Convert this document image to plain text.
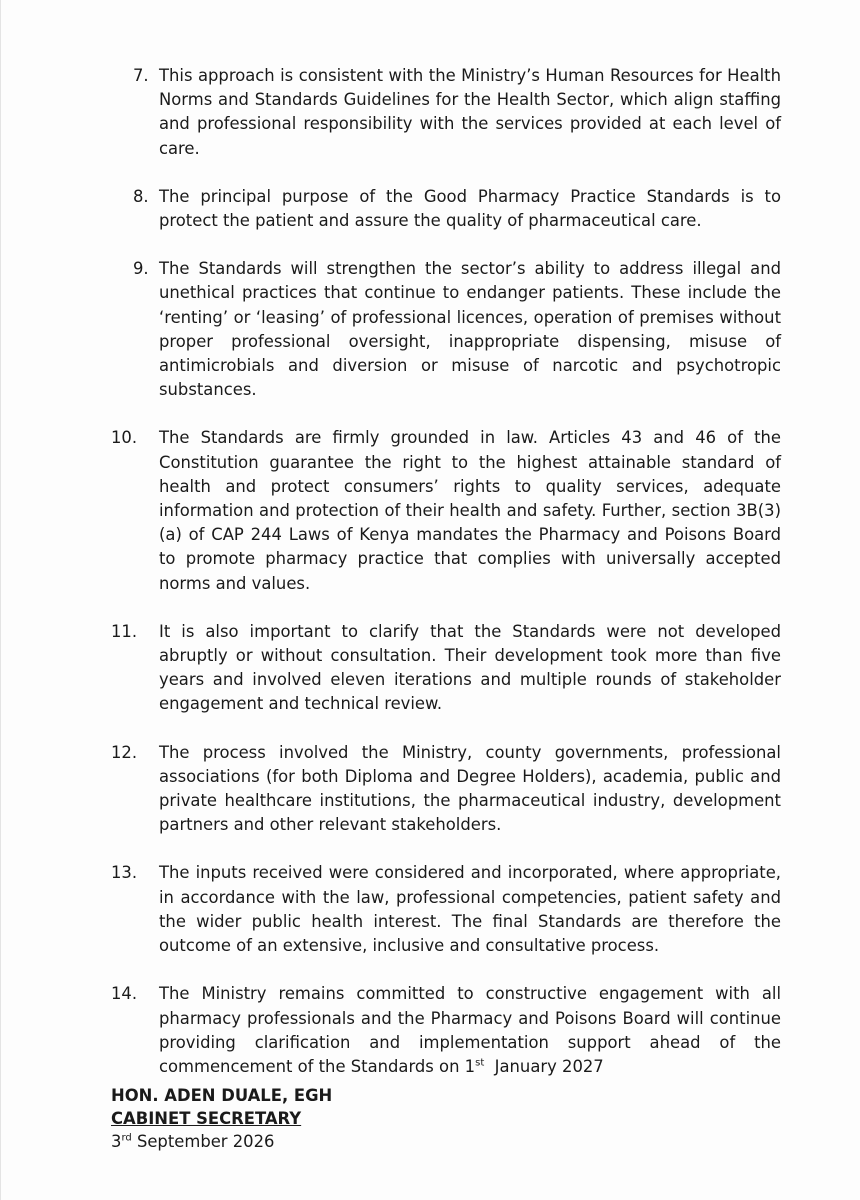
7. This approach is consistent with the Ministry’s Human Resources for Health Norms and Standards Guidelines for the Health Sector, which align staffing and professional responsibility with the services provided at each level of care.
8. The principal purpose of the Good Pharmacy Practice Standards is to protect the patient and assure the quality of pharmaceutical care.
9. The Standards will strengthen the sector’s ability to address illegal and unethical practices that continue to endanger patients. These include the ‘renting’ or ‘leasing’ of professional licences, operation of premises without proper professional oversight, inappropriate dispensing, misuse of antimicrobials and diversion or misuse of narcotic and psychotropic substances.
10.	The Standards are firmly grounded in law. Articles 43 and 46 of the Constitution guarantee the right to the highest attainable standard of health and protect consumers’ rights to quality services, adequate information and protection of their health and safety. Further, section 3B(3)(a) of CAP 244 Laws of Kenya mandates the Pharmacy and Poisons Board to promote pharmacy practice that complies with universally accepted norms and values.
11.	It is also important to clarify that the Standards were not developed abruptly or without consultation. Their development took more than five years and involved eleven iterations and multiple rounds of stakeholder engagement and technical review.
12.	The process involved the Ministry, county governments, professional associations (for both Diploma and Degree Holders), academia, public and private healthcare institutions, the pharmaceutical industry, development partners and other relevant stakeholders.
13.	The inputs received were considered and incorporated, where appropriate, in accordance with the law, professional competencies, patient safety and the wider public health interest. The final Standards are therefore the outcome of an extensive, inclusive and consultative process.
14.	The Ministry remains committed to constructive engagement with all pharmacy professionals and the Pharmacy and Poisons Board will continue providing clarification and implementation support ahead of the commencement of the Standards on 1st  January 2027
HON. ADEN DUALE, EGH
CABINET SECRETARY
3rd September 2026
